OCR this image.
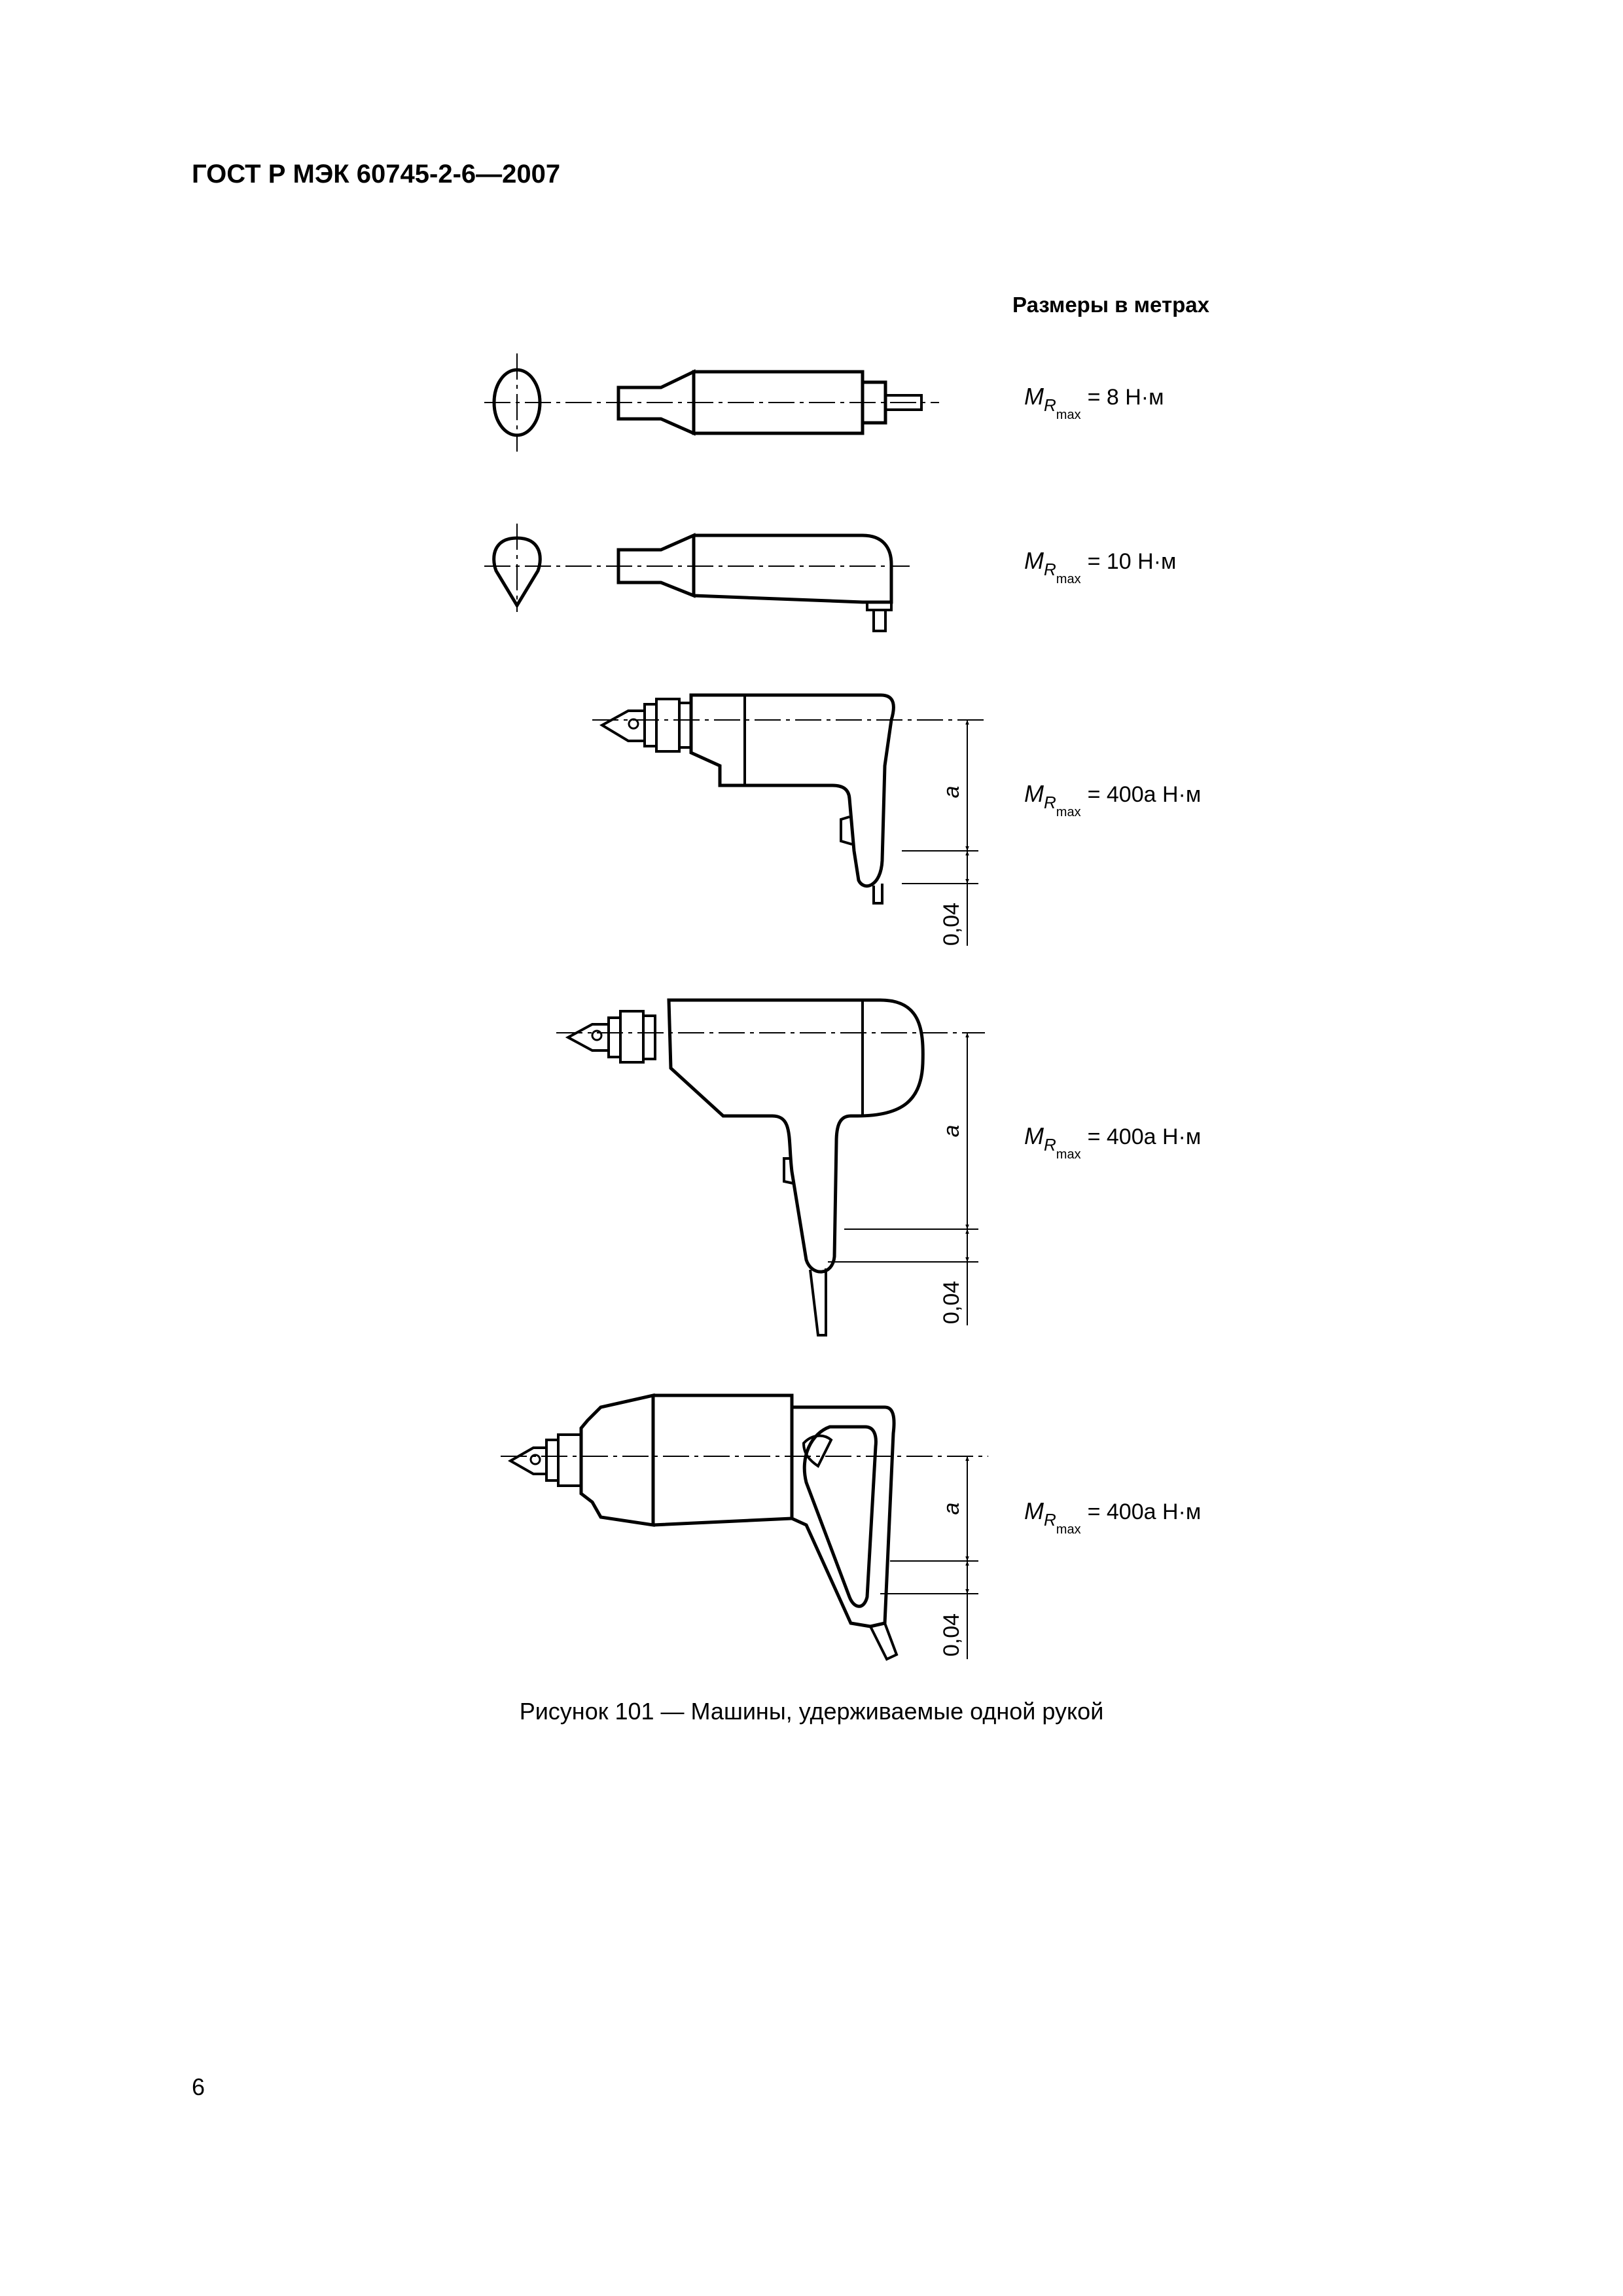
ГОСТ Р МЭК 60745-2-6—2007
Размеры в метрах
$M_{Rmax}= 8$ Н·м
$M_{Rmax}= 10$ Н·м
$M_{Rmax}= 400a$ Н·м
$M_{Rmax}= 400a$ Н·м
$M_{Rmax}= 400a$ Н·м
a
0,04
a
0,04
a
0,04
Рисунок 101 — Машины, удерживаемые одной рукой
6
